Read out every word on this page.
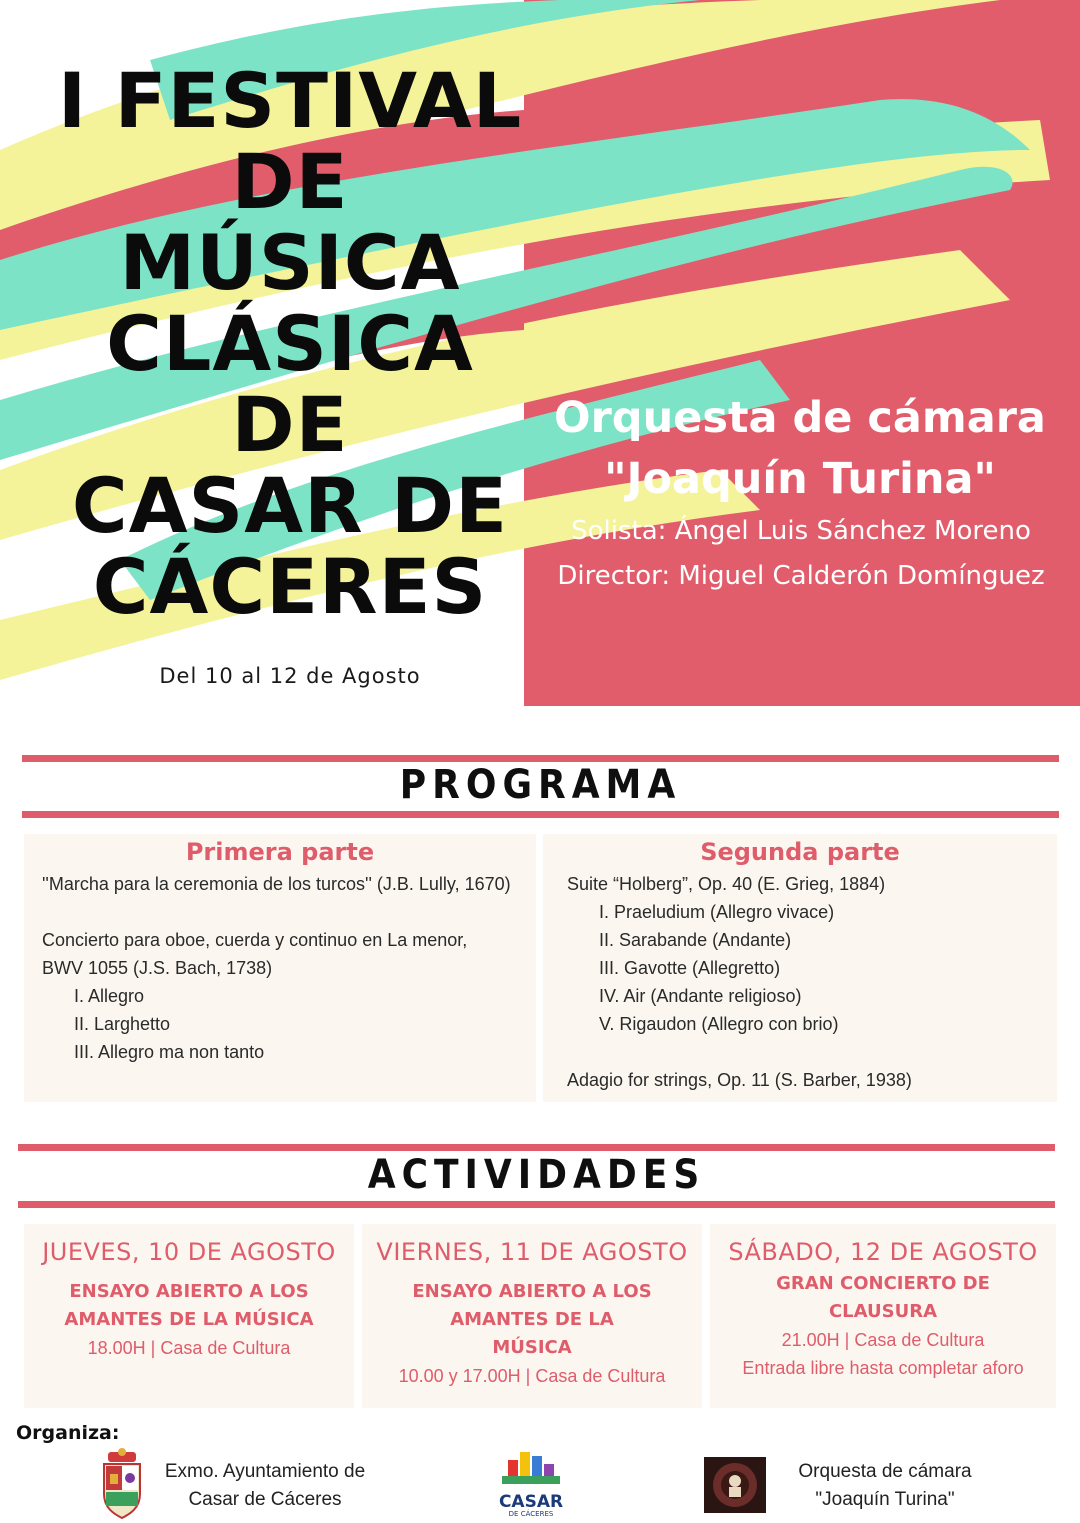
I FESTIVAL
DE
MÚSICA
CLÁSICA
DE
CASAR DE
CÁCERES
Del 10 al 12 de Agosto
Orquesta de cámara
"Joaquín Turina"
Solista: Ángel Luis Sánchez Moreno
Director: Miguel Calderón Domínguez
PROGRAMA
Primera parte
''Marcha para la ceremonia de los turcos'' (J.B. Lully, 1670)
Concierto para oboe, cuerda y continuo en La menor,
BWV 1055 (J.S. Bach, 1738)
I. Allegro
II. Larghetto
III. Allegro ma non tanto
Segunda parte
Suite “Holberg”, Op. 40 (E. Grieg, 1884)
I. Praeludium (Allegro vivace)
II. Sarabande (Andante)
III. Gavotte (Allegretto)
IV. Air (Andante religioso)
V. Rigaudon (Allegro con brio)
Adagio for strings, Op. 11 (S. Barber, 1938)
ACTIVIDADES
JUEVES, 10 DE AGOSTO
ENSAYO ABIERTO A LOS AMANTES DE LA MÚSICA
18.00H | Casa de Cultura
VIERNES, 11 DE AGOSTO
ENSAYO ABIERTO A LOS AMANTES DE LA MÚSICA
10.00 y 17.00H | Casa de Cultura
SÁBADO, 12 DE AGOSTO
GRAN CONCIERTO DE CLAUSURA
21.00H | Casa de Cultura
Entrada libre hasta completar aforo
Organiza:
Exmo. Ayuntamiento de
Casar de Cáceres	CASAR
DE CÁCERES
Orquesta de cámara
"Joaquín Turina"
